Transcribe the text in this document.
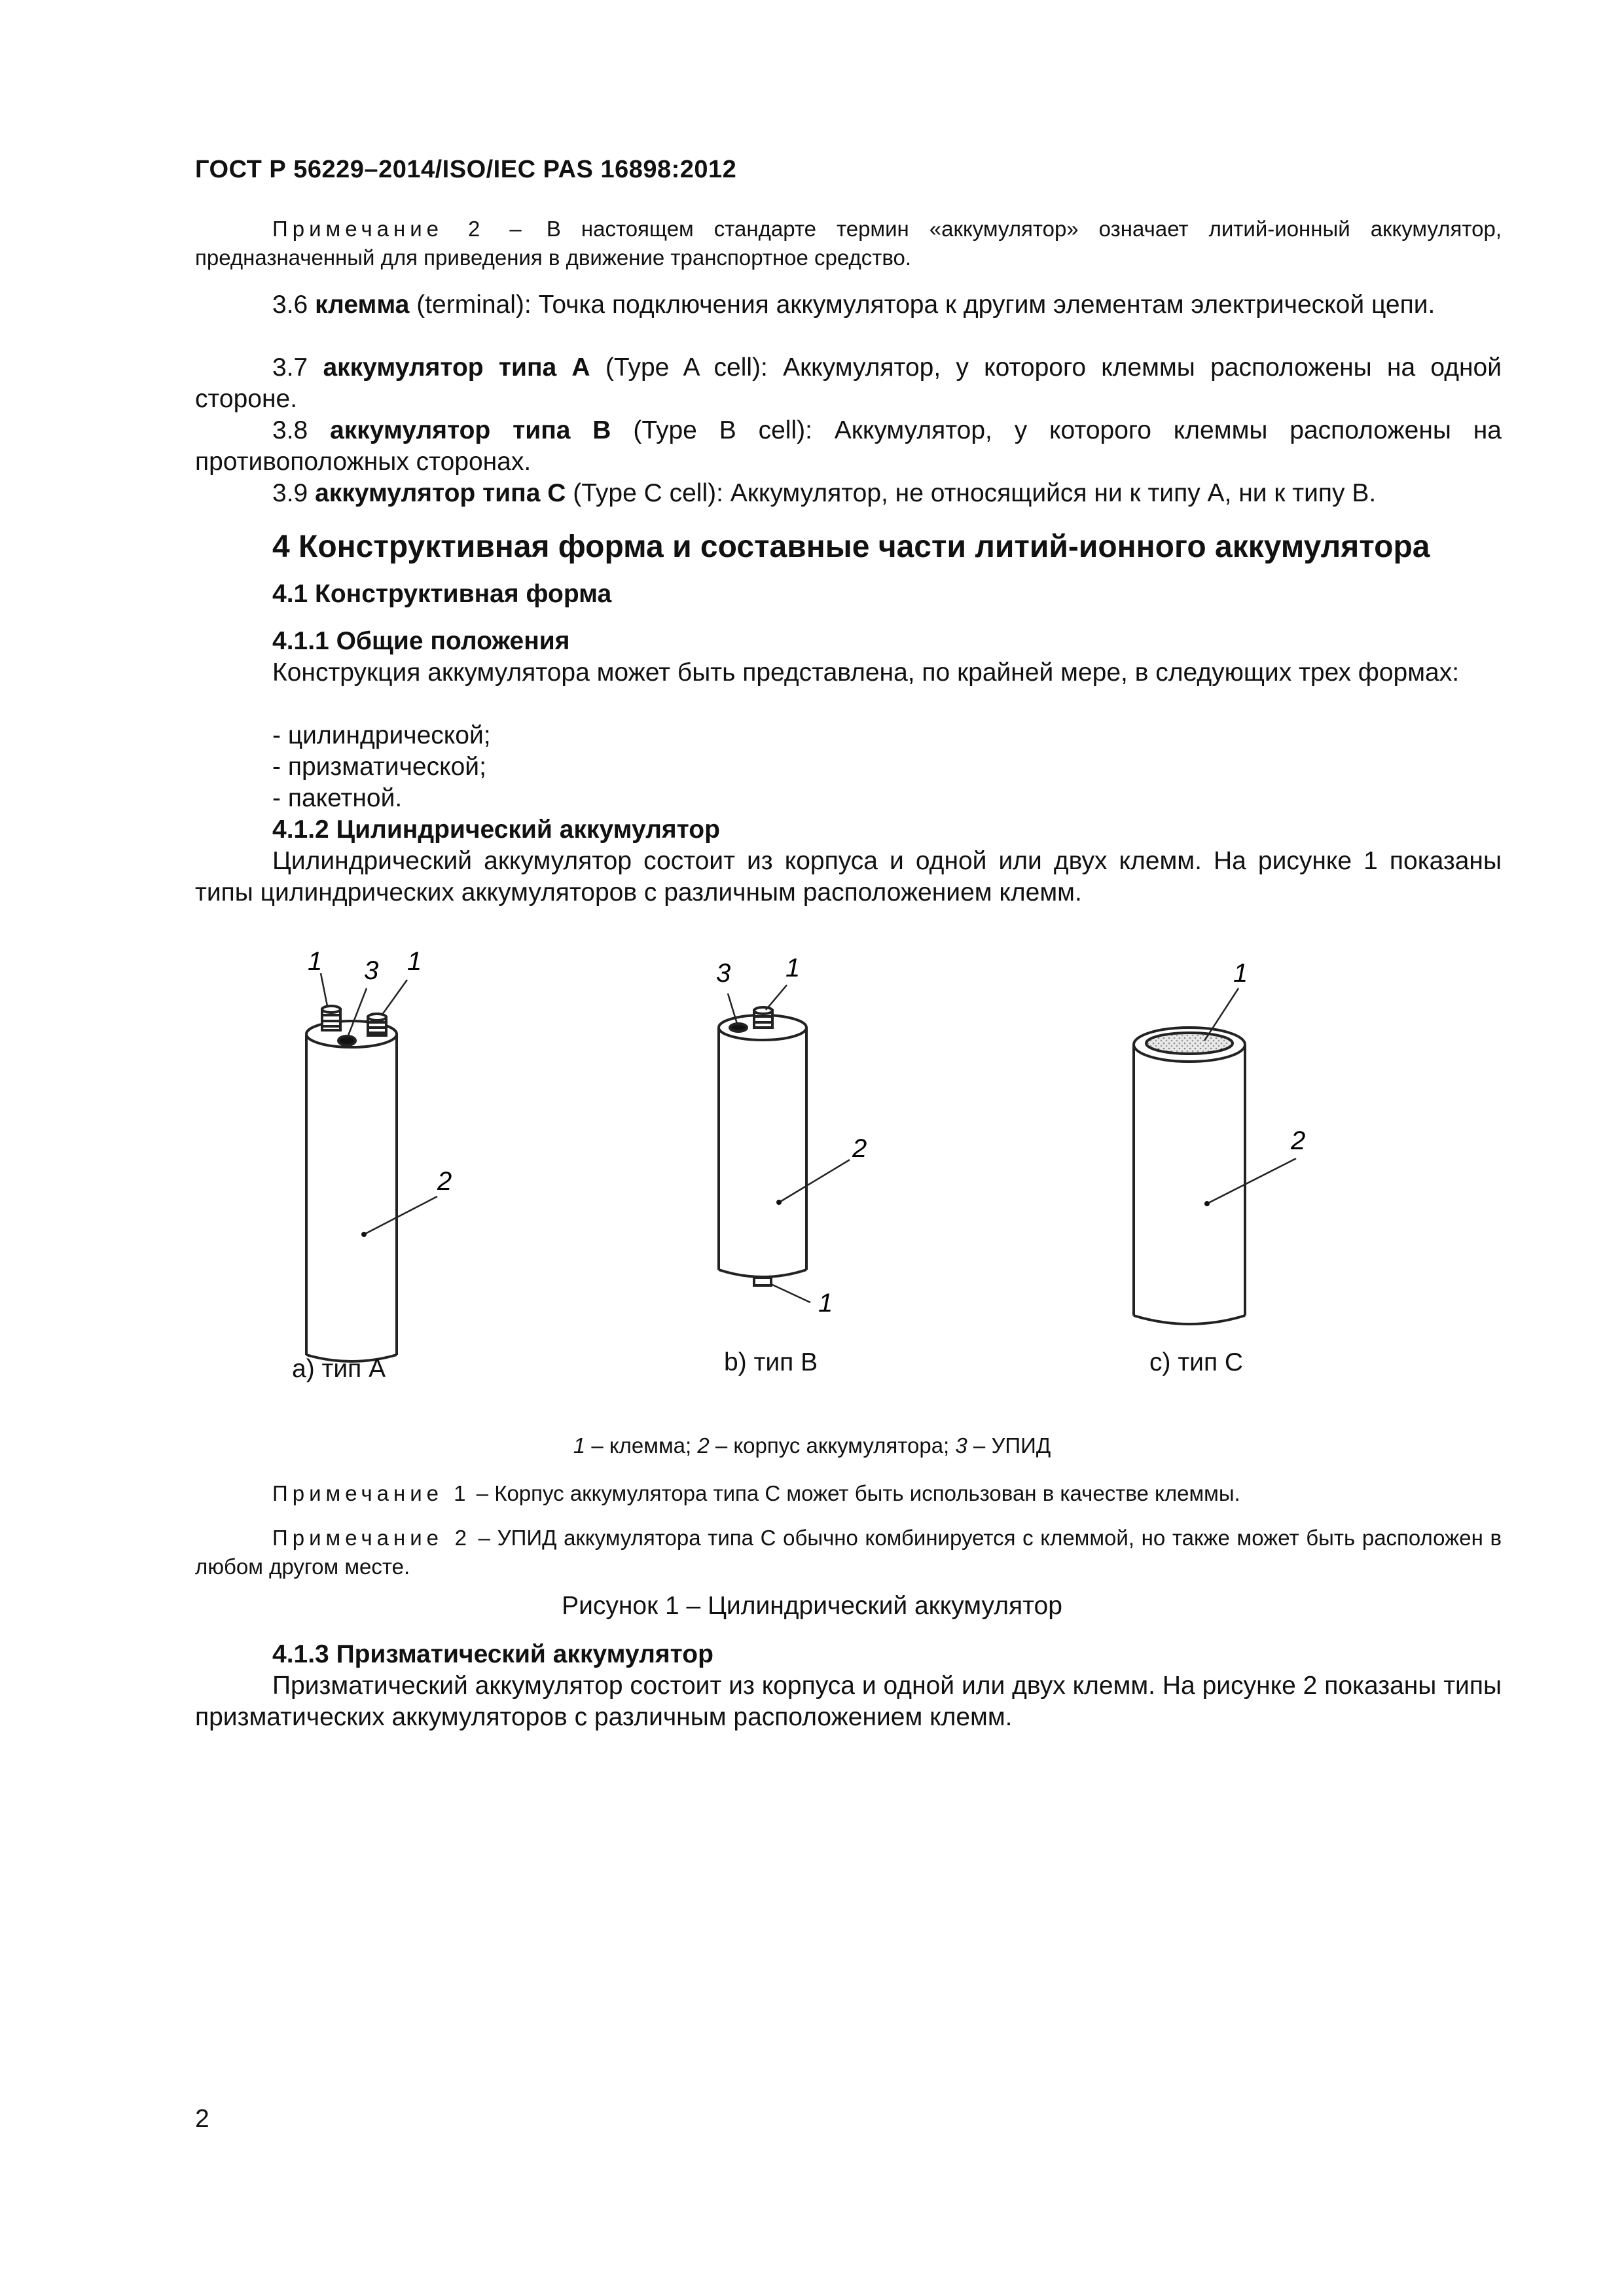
ГОСТ Р 56229–2014/ISO/IEC PAS 16898:2012
Примечание 2 – В настоящем стандарте термин «аккумулятор» означает литий-ионный аккумулятор, предназначенный для приведения в движение транспортное средство.
3.6 клемма (terminal): Точка подключения аккумулятора к другим элементам электрической цепи.
3.7 аккумулятор типа A (Type A cell): Аккумулятор, у которого клеммы расположены на одной стороне.
3.8 аккумулятор типа B (Type B cell): Аккумулятор, у которого клеммы расположены на противоположных сторонах.
3.9 аккумулятор типа C (Type C cell): Аккумулятор, не относящийся ни к типу A, ни к типу B.
4 Конструктивная форма и составные части литий-ионного аккумулятора
4.1 Конструктивная форма
4.1.1 Общие положения
Конструкция аккумулятора может быть представлена, по крайней мере, в следующих трех формах:
- цилиндрической;
- призматической;
- пакетной.
4.1.2 Цилиндрический аккумулятор
Цилиндрический аккумулятор состоит из корпуса и одной или двух клемм. На рисунке 1 показаны типы цилиндрических аккумуляторов с различным расположением клемм.
1 3 1
2
3 1
2
1
1
2
a) тип A	b) тип B	c) тип C
1 – клемма; 2 – корпус аккумулятора; 3 – УПИД
Примечание 1 – Корпус аккумулятора типа C может быть использован в качестве клеммы.
Примечание 2 – УПИД аккумулятора типа C обычно комбинируется с клеммой, но также может быть расположен в любом другом месте.
Рисунок 1 – Цилиндрический аккумулятор
4.1.3 Призматический аккумулятор
Призматический аккумулятор состоит из корпуса и одной или двух клемм. На рисунке 2 показаны типы призматических аккумуляторов с различным расположением клемм.
2
